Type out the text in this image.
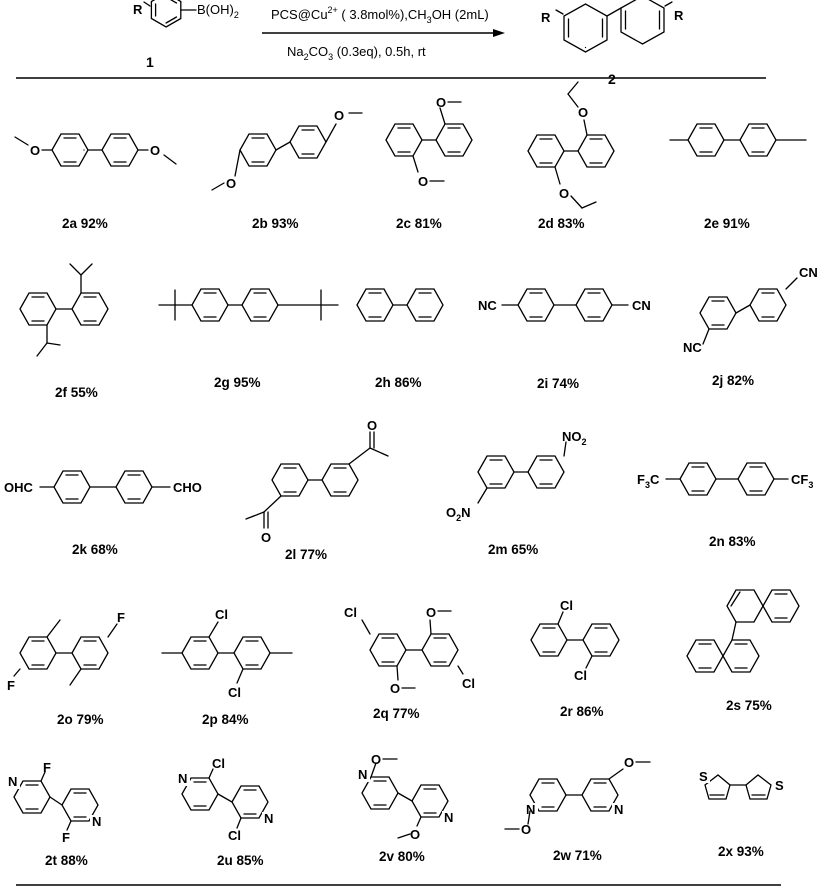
R	$B(OH)_2$
1
$PCS@Cu^{2+}$ ( $3.8mol\%),CH_3OH$ (2mL)
$Na_2CO_3$ (0.3eq), 0.5h, rt
R	R
2
O	O
2a 92%
O
O
2b 93%
O
O
2c 81%
O
O
2d 83%	2e 91%
2f 55%
2g 95%	2h 86%
NC	CN
2i 74%
CN
NC
2j 82%
OHC	CHO
2k 68%
O
O
2l 77%
$NO_2$
$O_2N$
2m 65%
$F_3C$	$CF_3$
2n 83%
F
F
2o 79%
Cl
Cl
2p 84%
Cl	O
O	Cl
2q 77%
Cl
Cl
2r 86%	2s 75%
N
F
N
F
2t 88%
N
Cl
N
Cl
2u 85%
N
O
N
O
2v 80%
N
O
N
O
2w 71%
S
S
2x 93%
